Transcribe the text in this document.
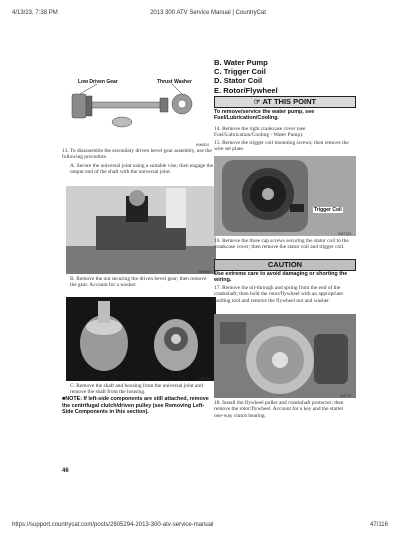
4/13/23, 7:38 PM	2013 300 ATV Service Manual | CountryCat
https://support.countrycat.com/posts/2805294-2013-300-atv-service-manual	47/116
Low Driven Gear	Thrust Washer
KM6824
13. To disassemble the secondary driven bevel gear assembly, use the following procedure.
A. Secure the universal joint using a suitable vise; then engage the output end of the shaft with the universal joint.
KM6653
B. Remove the nut securing the driven bevel gear; then remove the gear. Account for a washer.
KM6654
C. Remove the shaft and housing from the universal joint and remove the shaft from the housing.
■NOTE: If left-side components are still attached, remove the centrifugal clutch/driven pulley (see Removing Left-Side Components in this section).
46
B. Water Pump
C. Trigger Coil
D. Stator Coil
E. Rotor/Flywheel
☞ AT THIS POINT
To remove/service the water pump, see Fuel/Lubrication/Cooling.
14. Remove the right crankcase cover (see Fuel/Lubrication/Cooling - Water Pump).
15. Remove the trigger coil mounting screws; then remove the wire set plate.
Trigger Coil
KM772A
16. Remove the three cap screws securing the stator coil to the crankcase cover; then remove the stator coil and trigger coil.
CAUTION
Use extreme care to avoid damaging or shorting the wiring.
17. Remove the oil-through and spring from the end of the crankshaft; then hold the rotor/flywheel with an appropriate holding tool and remove the flywheel nut and washer.
KM774
18. Install the flywheel puller and crankshaft protector; then remove the rotor/flywheel. Account for a key and the starter one-way clutch bearing.
